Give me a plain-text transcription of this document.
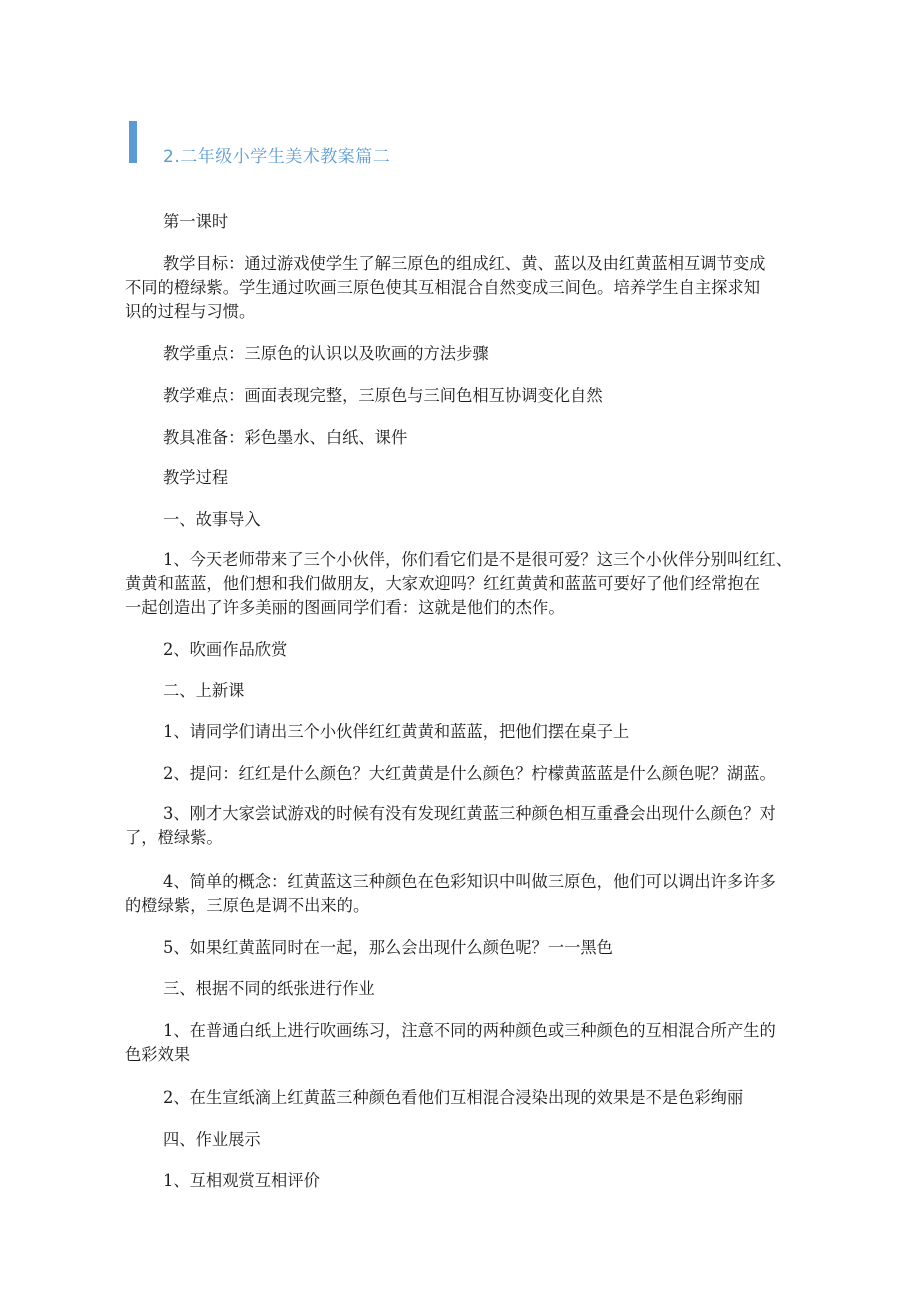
2.二年级小学生美术教案篇二
第一课时
教学目标：通过游戏使学生了解三原色的组成红、黄、蓝以及由红黄蓝相互调节变成
不同的橙绿紫。学生通过吹画三原色使其互相混合自然变成三间色。培养学生自主探求知
识的过程与习惯。
教学重点：三原色的认识以及吹画的方法步骤
教学难点：画面表现完整，三原色与三间色相互协调变化自然
教具准备：彩色墨水、白纸、课件
教学过程
一、故事导入
1、今天老师带来了三个小伙伴，你们看它们是不是很可爱？这三个小伙伴分别叫红红、
黄黄和蓝蓝，他们想和我们做朋友，大家欢迎吗？红红黄黄和蓝蓝可要好了他们经常抱在
一起创造出了许多美丽的图画同学们看：这就是他们的杰作。
2、吹画作品欣赏
二、上新课
1、请同学们请出三个小伙伴红红黄黄和蓝蓝，把他们摆在桌子上
2、提问：红红是什么颜色？大红黄黄是什么颜色？柠檬黄蓝蓝是什么颜色呢？湖蓝。
3、刚才大家尝试游戏的时候有没有发现红黄蓝三种颜色相互重叠会出现什么颜色？对
了，橙绿紫。
4、简单的概念：红黄蓝这三种颜色在色彩知识中叫做三原色，他们可以调出许多许多
的橙绿紫，三原色是调不出来的。
5、如果红黄蓝同时在一起，那么会出现什么颜色呢？一一黑色
三、根据不同的纸张进行作业
1、在普通白纸上进行吹画练习，注意不同的两种颜色或三种颜色的互相混合所产生的
色彩效果
2、在生宣纸滴上红黄蓝三种颜色看他们互相混合浸染出现的效果是不是色彩绚丽
四、作业展示
1、互相观赏互相评价
